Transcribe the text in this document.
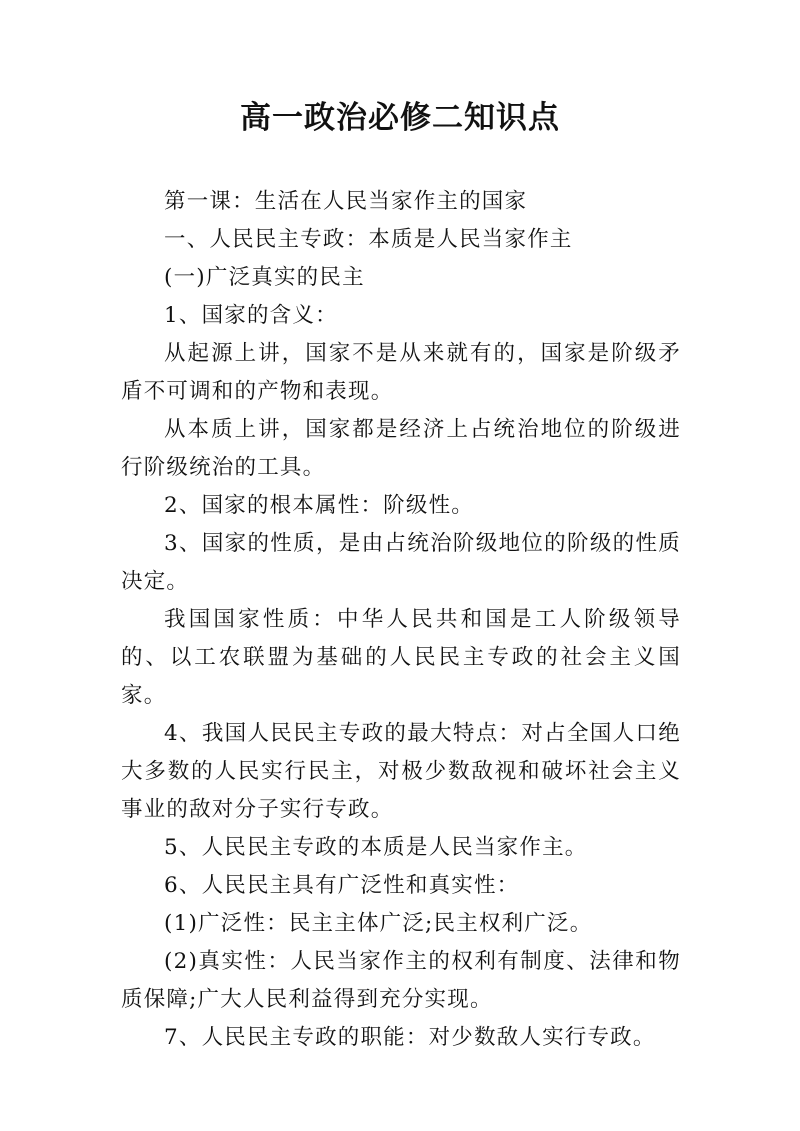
高一政治必修二知识点

第一课：生活在人民当家作主的国家

一、人民民主专政：本质是人民当家作主

(一)广泛真实的民主

1、国家的含义：

从起源上讲，国家不是从来就有的，国家是阶级矛盾不可调和的产物和表现。

从本质上讲，国家都是经济上占统治地位的阶级进行阶级统治的工具。

2、国家的根本属性：阶级性。

3、国家的性质，是由占统治阶级地位的阶级的性质决定。

我国国家性质：中华人民共和国是工人阶级领导的、以工农联盟为基础的人民民主专政的社会主义国家。

4、我国人民民主专政的最大特点：对占全国人口绝大多数的人民实行民主，对极少数敌视和破坏社会主义事业的敌对分子实行专政。

5、人民民主专政的本质是人民当家作主。

6、人民民主具有广泛性和真实性：

(1)广泛性：民主主体广泛;民主权利广泛。

(2)真实性：人民当家作主的权利有制度、法律和物质保障;广大人民利益得到充分实现。

7、人民民主专政的职能：对少数敌人实行专政。
